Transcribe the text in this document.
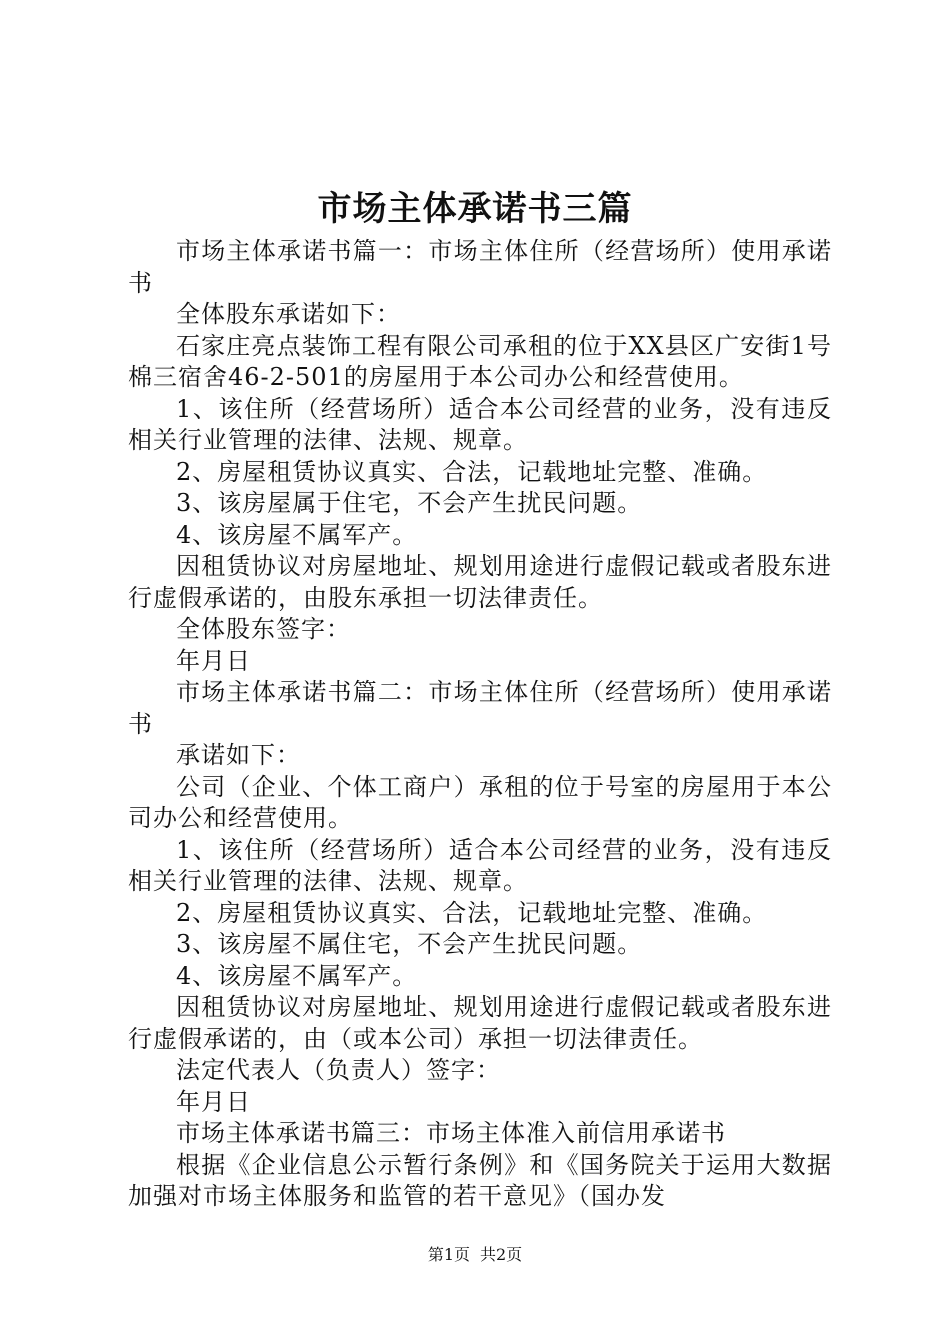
市场主体承诺书三篇

市场主体承诺书篇一：市场主体住所（经营场所）使用承诺书

全体股东承诺如下：

石家庄亮点装饰工程有限公司承租的位于XX县区广安街1号棉三宿舍46-2-501的房屋用于本公司办公和经营使用。

1、该住所（经营场所）适合本公司经营的业务，没有违反相关行业管理的法律、法规、规章。

2、房屋租赁协议真实、合法，记载地址完整、准确。

3、该房屋属于住宅，不会产生扰民问题。

4、该房屋不属军产。

因租赁协议对房屋地址、规划用途进行虚假记载或者股东进行虚假承诺的，由股东承担一切法律责任。

全体股东签字：

年月日

市场主体承诺书篇二：市场主体住所（经营场所）使用承诺书

承诺如下：

公司（企业、个体工商户）承租的位于号室的房屋用于本公司办公和经营使用。

1、该住所（经营场所）适合本公司经营的业务，没有违反相关行业管理的法律、法规、规章。

2、房屋租赁协议真实、合法，记载地址完整、准确。

3、该房屋不属住宅，不会产生扰民问题。

4、该房屋不属军产。

因租赁协议对房屋地址、规划用途进行虚假记载或者股东进行虚假承诺的，由（或本公司）承担一切法律责任。

法定代表人（负责人）签字：

年月日

市场主体承诺书篇三：市场主体准入前信用承诺书

根据《企业信息公示暂行条例》和《国务院关于运用大数据加强对市场主体服务和监管的若干意见》（国办发

第1页 共2页
